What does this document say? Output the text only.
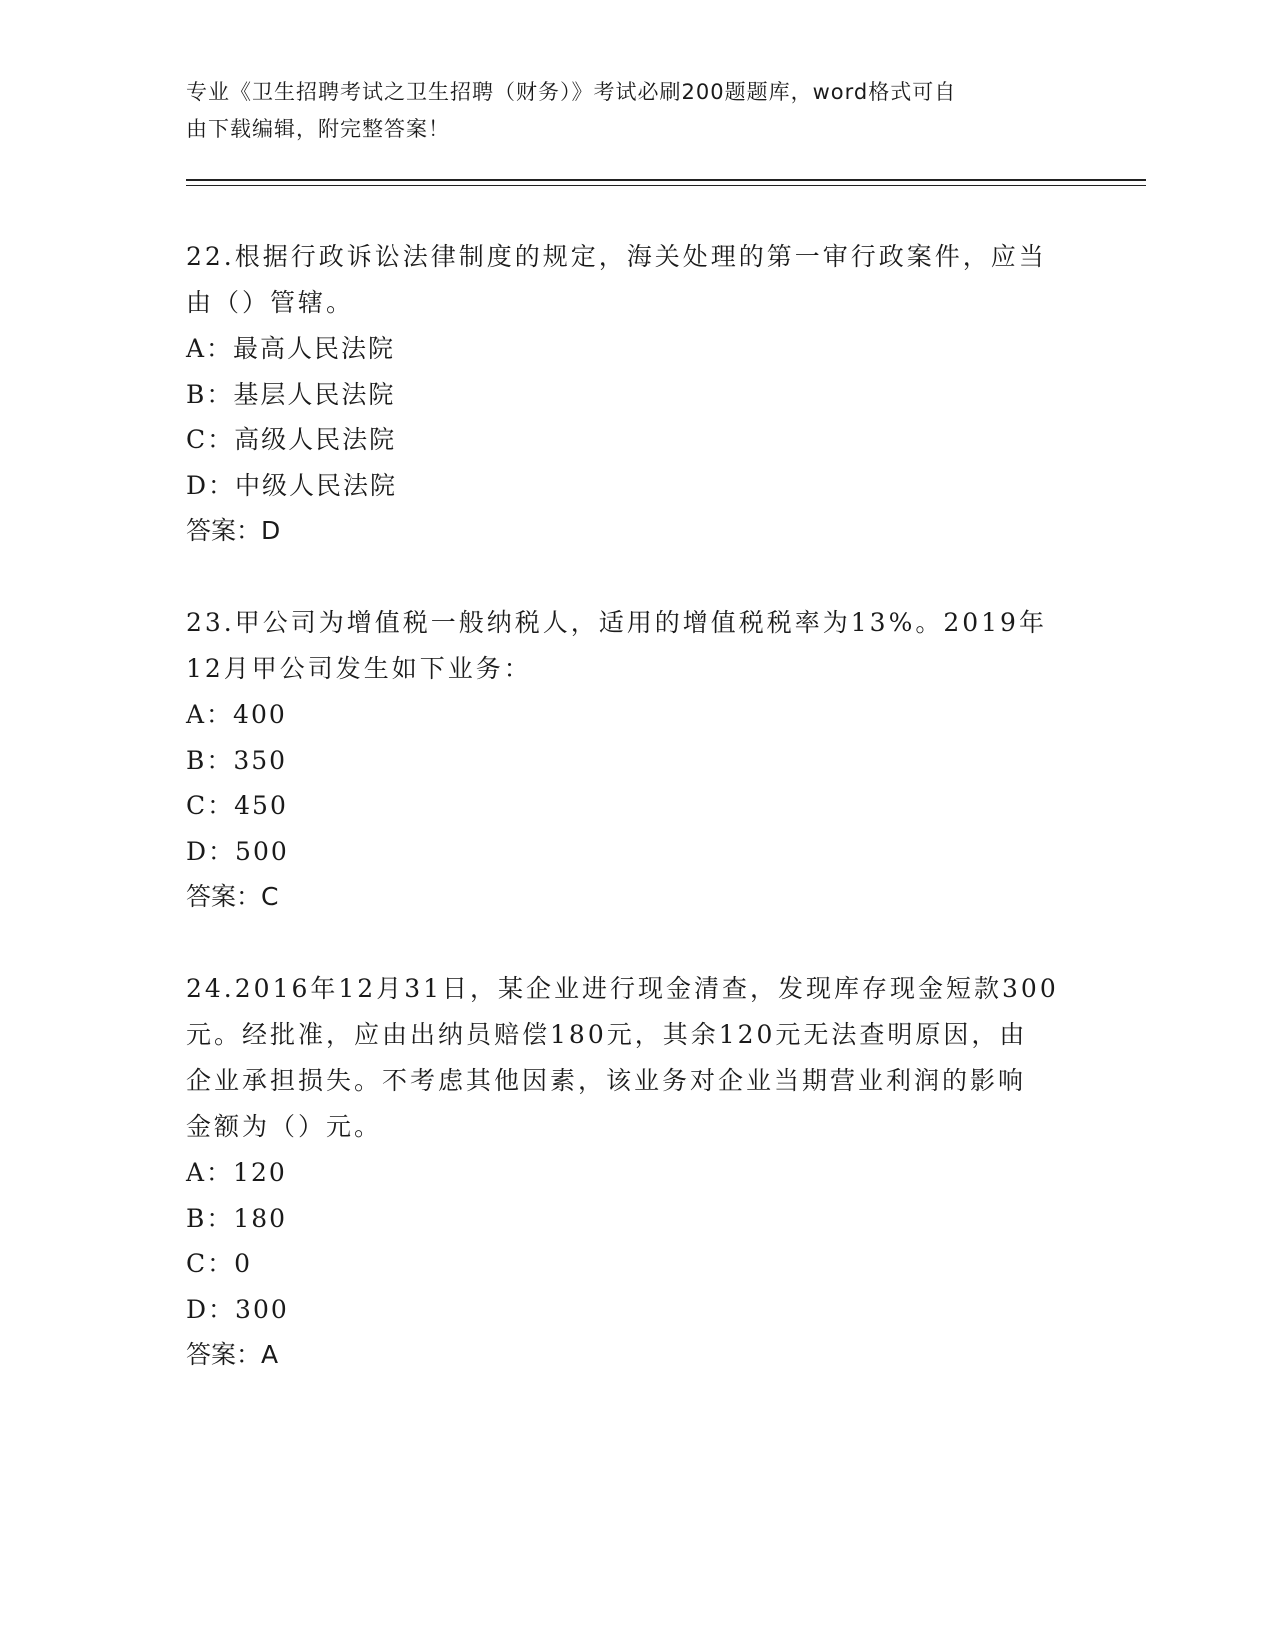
专业《卫生招聘考试之卫生招聘（财务）》考试必刷200题题库，word格式可自
由下载编辑，附完整答案！

22.根据行政诉讼法律制度的规定，海关处理的第一审行政案件，应当

由（）管辖。

A：最高人民法院

B：基层人民法院

C：高级人民法院

D：中级人民法院

答案：D

23.甲公司为增值税一般纳税人，适用的增值税税率为13%。2019年

12月甲公司发生如下业务：

A：400

B：350

C：450

D：500

答案：C

24.2016年12月31日，某企业进行现金清查，发现库存现金短款300

元。经批准，应由出纳员赔偿180元，其余120元无法查明原因，由

企业承担损失。不考虑其他因素，该业务对企业当期营业利润的影响

金额为（）元。

A：120

B：180

C：0

D：300

答案：A
